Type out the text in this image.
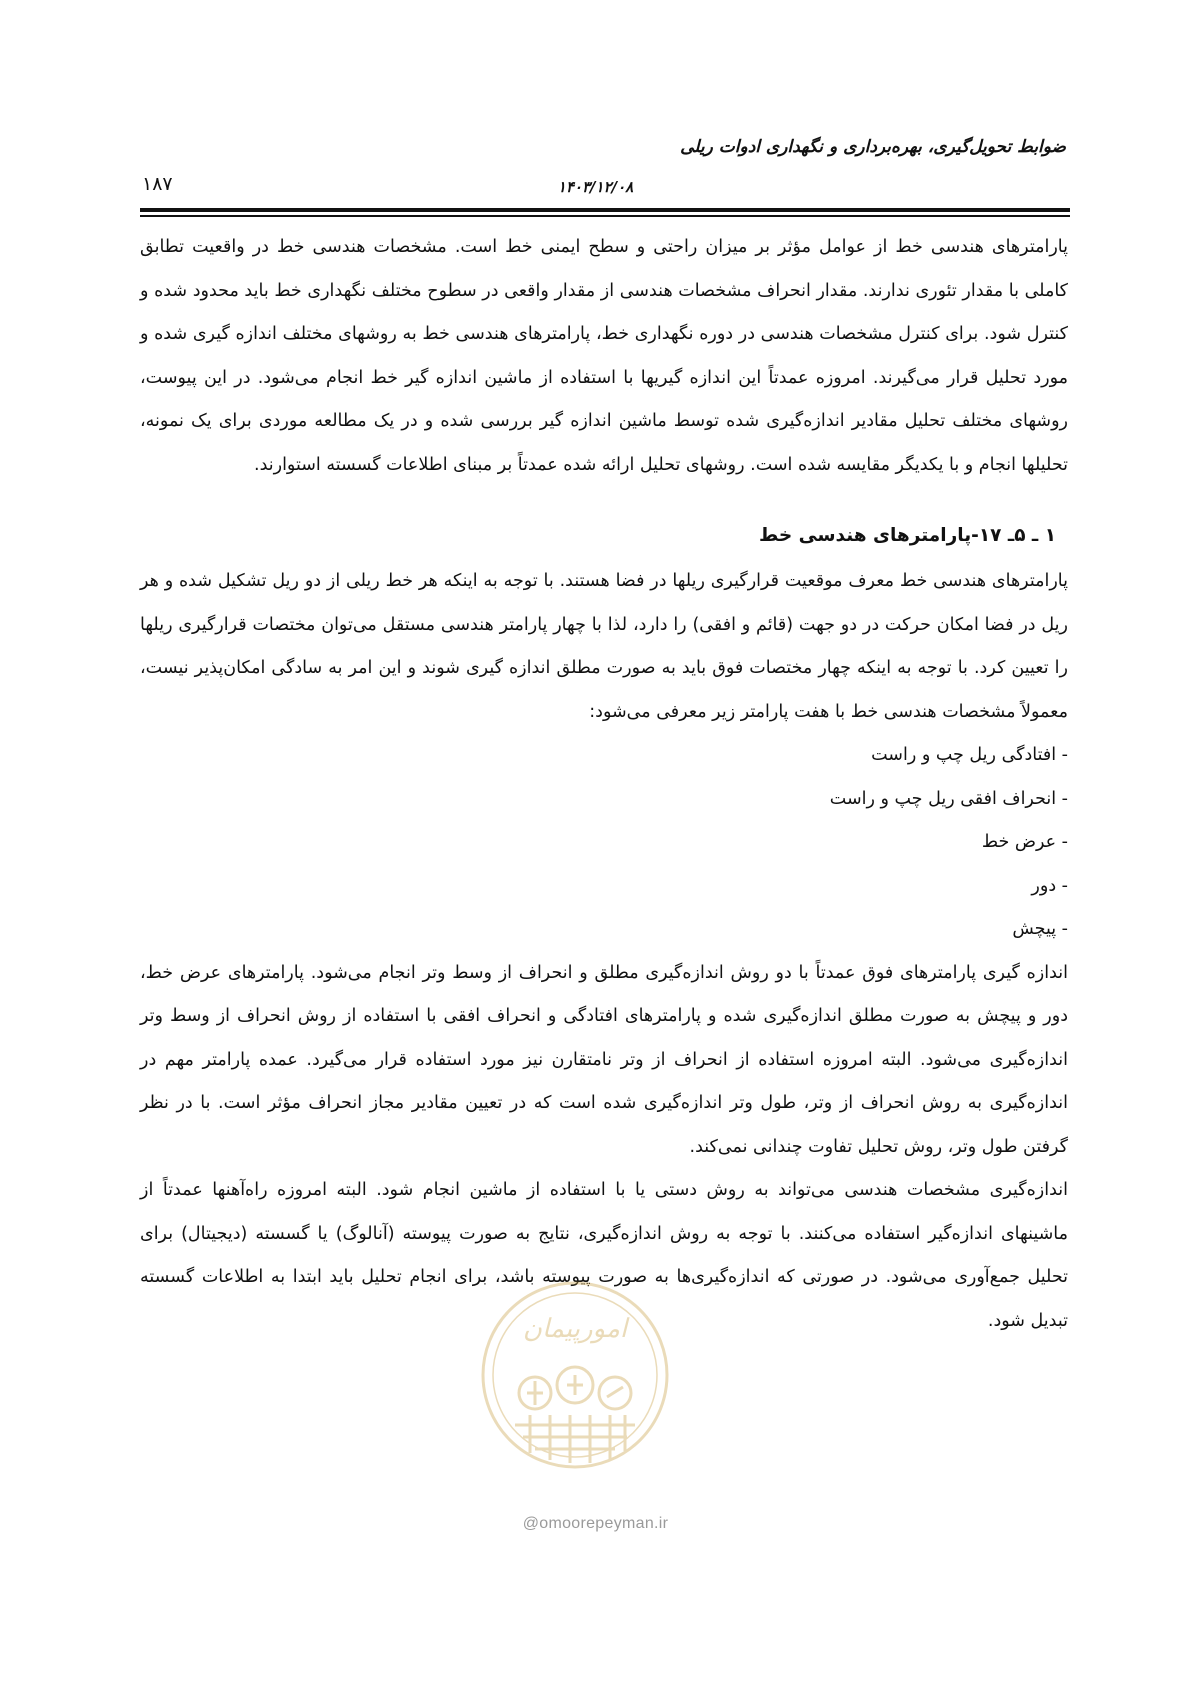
ضوابط تحویل‌گیری، بهره‌برداری و نگهداری ادوات ریلی
۱۸۷	۱۴۰۳/۱۲/۰۸

پارامترهای هندسی خط از عوامل مؤثر بر میزان راحتی و سطح ایمنی خط است. مشخصات هندسی خط در واقعیت تطابق کاملی با مقدار تئوری ندارند. مقدار انحراف مشخصات هندسی از مقدار واقعی در سطوح مختلف نگهداری خط باید محدود شده و کنترل شود. برای کنترل مشخصات هندسی در دوره نگهداری خط، پارامترهای هندسی خط به روشهای مختلف اندازه گیری شده و مورد تحلیل قرار می‌گیرند. امروزه عمدتاً این اندازه گیریها با استفاده از ماشین اندازه گیر خط انجام می‌شود. در این پیوست، روشهای مختلف تحلیل مقادیر اندازه‌گیری شده توسط ماشین اندازه گیر بررسی شده و در یک مطالعه موردی برای یک نمونه، تحلیلها انجام و با یکدیگر مقایسه شده است. روشهای تحلیل ارائه شده عمدتاً بر مبنای اطلاعات گسسته استوارند.

۱ ـ ۵ـ ۱۷-پارامترهای هندسی خط

پارامترهای هندسی خط معرف موقعیت قرارگیری ریلها در فضا هستند. با توجه به اینکه هر خط ریلی از دو ریل تشکیل شده و هر ریل در فضا امکان حرکت در دو جهت (قائم و افقی) را دارد، لذا با چهار پارامتر هندسی مستقل می‌توان مختصات قرارگیری ریلها را تعیین کرد. با توجه به اینکه چهار مختصات فوق باید به صورت مطلق اندازه گیری شوند و این امر به سادگی امکان‌پذیر نیست، معمولاً مشخصات هندسی خط با هفت پارامتر زیر معرفی می‌شود:

- افتادگی ریل چپ و راست

- انحراف افقی ریل چپ و راست

- عرض خط

- دور

- پیچش

اندازه گیری پارامترهای فوق عمدتاً با دو روش اندازه‌گیری مطلق و انحراف از وسط وتر انجام می‌شود. پارامترهای عرض خط، دور و پیچش به صورت مطلق اندازه‌گیری شده و پارامترهای افتادگی و انحراف افقی با استفاده از روش انحراف از وسط وتر اندازه‌گیری می‌شود. البته امروزه استفاده از انحراف از وتر نامتقارن نیز مورد استفاده قرار می‌گیرد. عمده پارامتر مهم در اندازه‌گیری به روش انحراف از وتر، طول وتر اندازه‌گیری شده است که در تعیین مقادیر مجاز انحراف مؤثر است. با در نظر گرفتن طول وتر، روش تحلیل تفاوت چندانی نمی‌کند.

اندازه‌گیری مشخصات هندسی می‌تواند به روش دستی یا با استفاده از ماشین انجام شود. البته امروزه راه‌آهنها عمدتاً از ماشینهای اندازه‌گیر استفاده می‌کنند. با توجه به روش اندازه‌گیری، نتایج به صورت پیوسته (آنالوگ) یا گسسته (دیجیتال) برای تحلیل جمع‌آوری می‌شود. در صورتی که اندازه‌گیری‌ها به صورت پیوسته باشد، برای انجام تحلیل باید ابتدا به اطلاعات گسسته تبدیل شود.

امورپیمان
@omoorepeyman.ir
